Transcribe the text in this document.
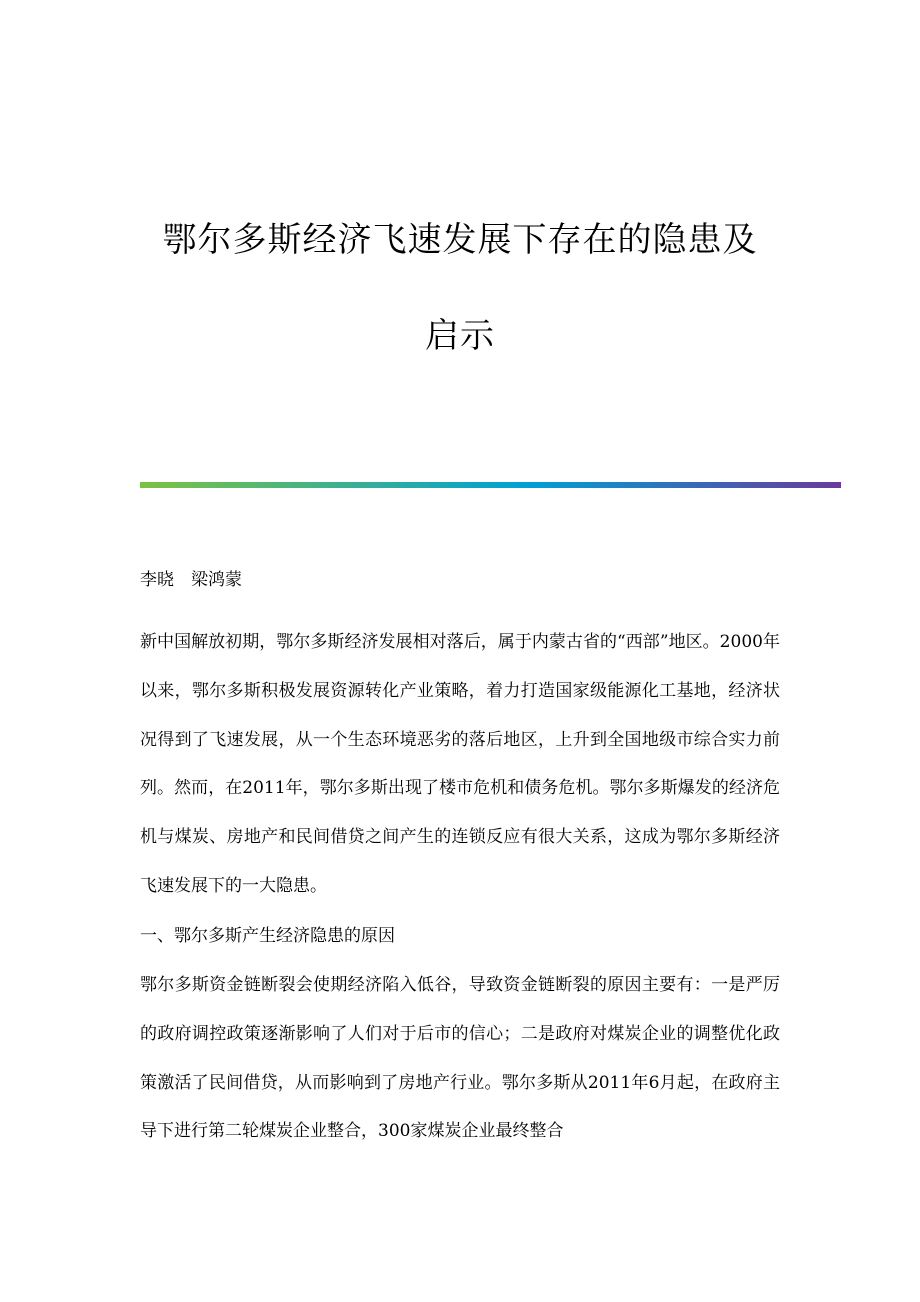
鄂尔多斯经济飞速发展下存在的隐患及
启示
李晓　梁鸿蒙

新中国解放初期，鄂尔多斯经济发展相对落后，属于内蒙古省的“西部”地区。2000年以来，鄂尔多斯积极发展资源转化产业策略，着力打造国家级能源化工基地，经济状况得到了飞速发展，从一个生态环境恶劣的落后地区，上升到全国地级市综合实力前列。然而，在2011年，鄂尔多斯出现了楼市危机和债务危机。鄂尔多斯爆发的经济危机与煤炭、房地产和民间借贷之间产生的连锁反应有很大关系，这成为鄂尔多斯经济飞速发展下的一大隐患。

一、鄂尔多斯产生经济隐患的原因

鄂尔多斯资金链断裂会使期经济陷入低谷，导致资金链断裂的原因主要有：一是严厉的政府调控政策逐渐影响了人们对于后市的信心；二是政府对煤炭企业的调整优化政策激活了民间借贷，从而影响到了房地产行业。鄂尔多斯从2011年6月起，在政府主导下进行第二轮煤炭企业整合，300家煤炭企业最终整合
